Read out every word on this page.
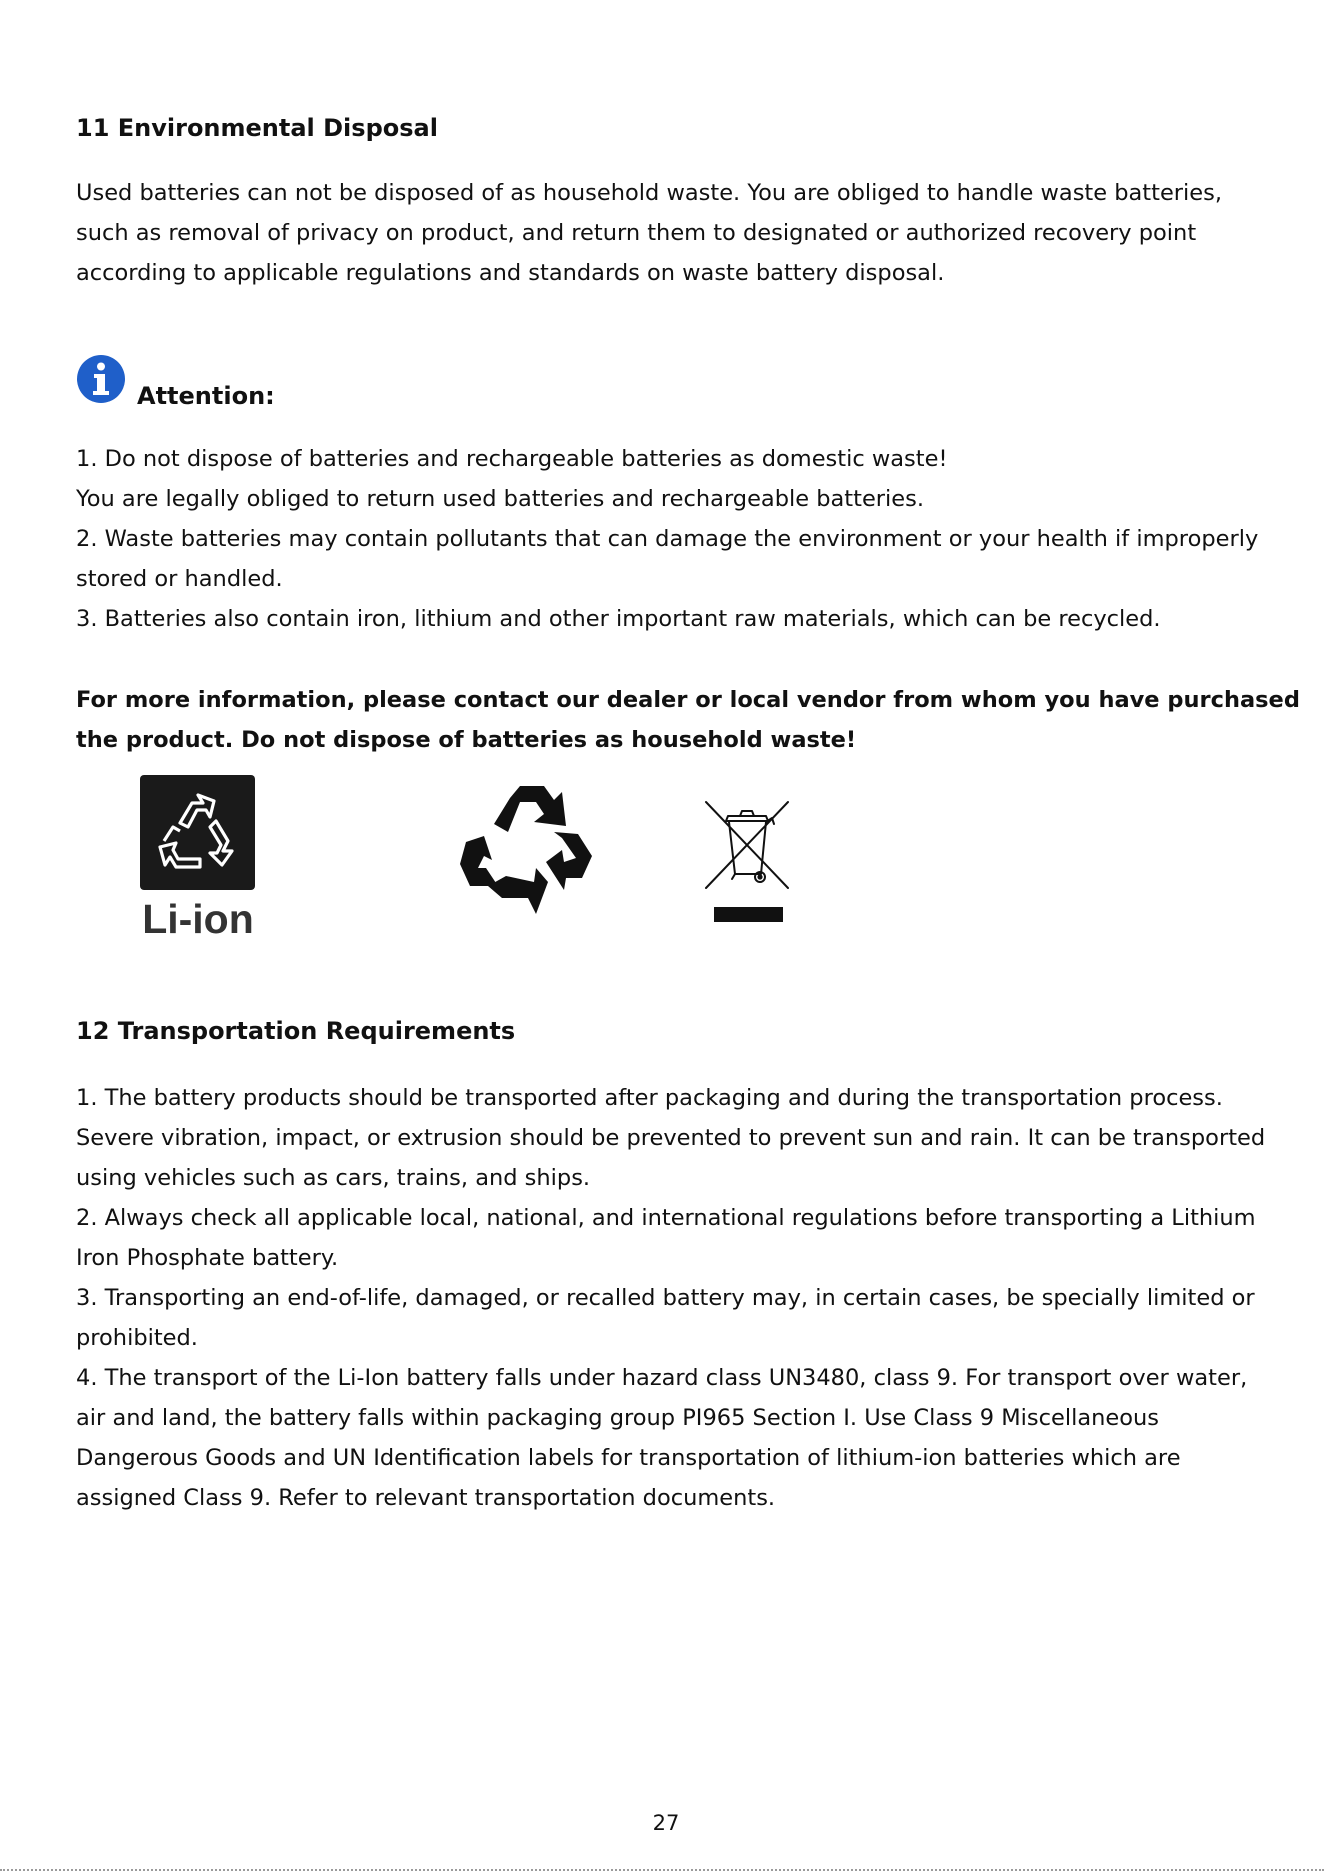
11 Environmental Disposal

Used batteries can not be disposed of as household waste. You are obliged to handle waste batteries,
such as removal of privacy on product, and return them to designated or authorized recovery point
according to applicable regulations and standards on waste battery disposal.

Attention:

1. Do not dispose of batteries and rechargeable batteries as domestic waste!
You are legally obliged to return used batteries and rechargeable batteries.
2. Waste batteries may contain pollutants that can damage the environment or your health if improperly
stored or handled.
3. Batteries also contain iron, lithium and other important raw materials, which can be recycled.

For more information, please contact our dealer or local vendor from whom you have purchased
the product. Do not dispose of batteries as household waste!

Li-ion
12 Transportation Requirements

1. The battery products should be transported after packaging and during the transportation process.
Severe vibration, impact, or extrusion should be prevented to prevent sun and rain. It can be transported
using vehicles such as cars, trains, and ships.
2. Always check all applicable local, national, and international regulations before transporting a Lithium
Iron Phosphate battery.
3. Transporting an end-of-life, damaged, or recalled battery may, in certain cases, be specially limited or
prohibited.
4. The transport of the Li-Ion battery falls under hazard class UN3480, class 9. For transport over water,
air and land, the battery falls within packaging group PI965 Section I. Use Class 9 Miscellaneous
Dangerous Goods and UN Identification labels for transportation of lithium-ion batteries which are
assigned Class 9. Refer to relevant transportation documents.

27
